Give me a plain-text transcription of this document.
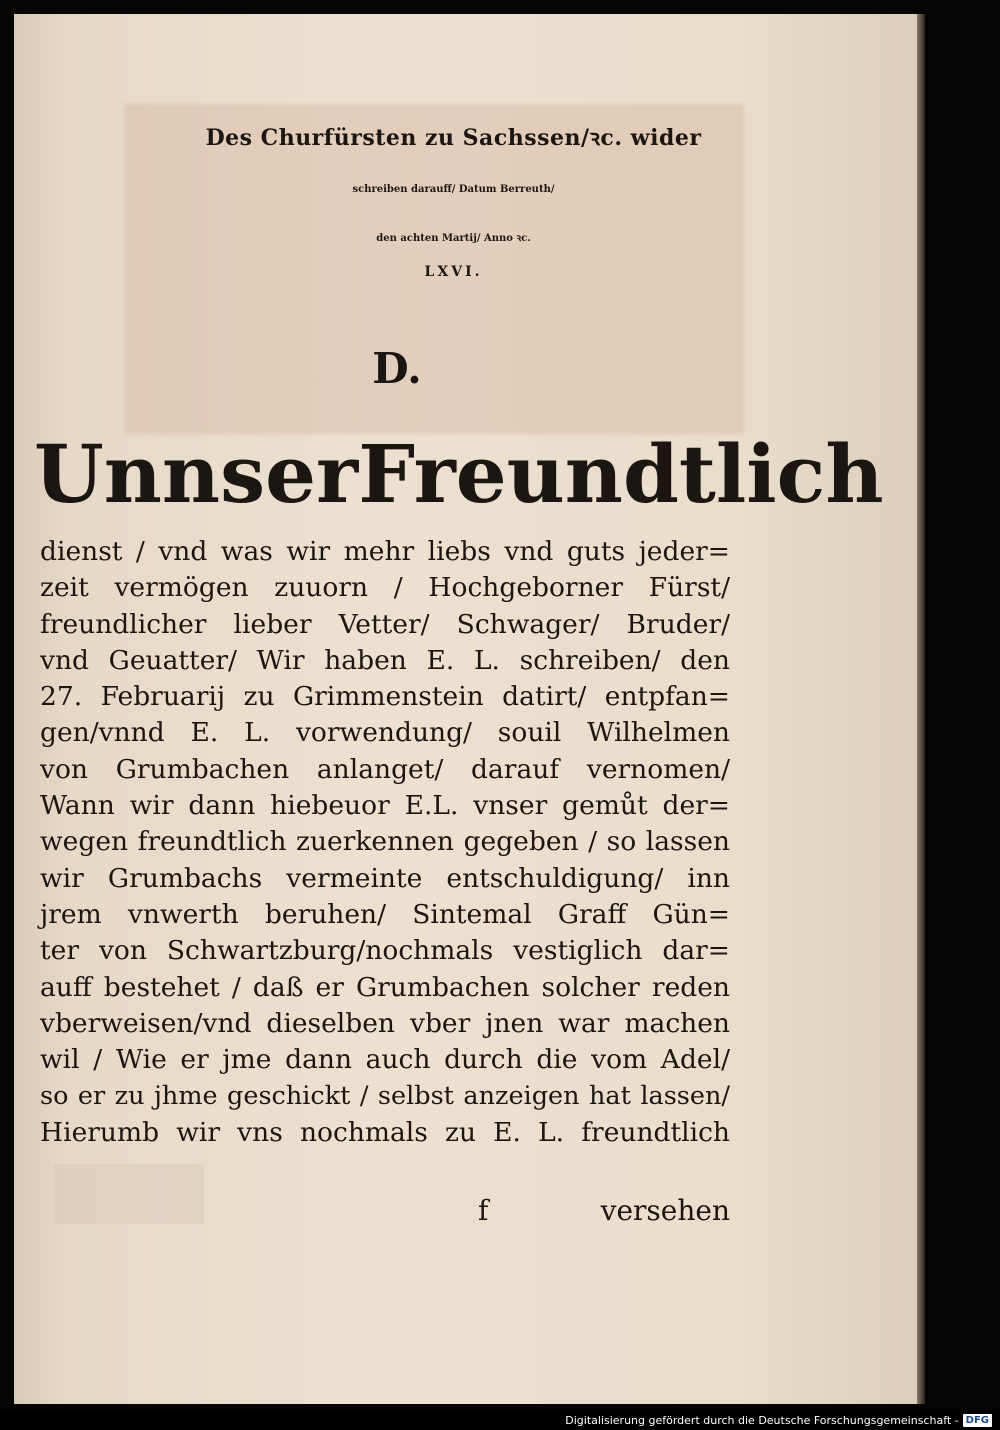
Des Churfürsten zu Sachssen/ꝛc. wider
schreiben darauff/ Datum Berreuth/
den achten Martij/ Anno ꝛc.
LXVI.
D.
Unnser Freundtlich
dienst / vnd was wir mehr liebs vnd guts jeder=
zeit vermögen zuuorn / Hochgeborner Fürst/
freundlicher lieber Vetter/ Schwager/ Bruder/
vnd Geuatter/ Wir haben E. L. schreiben/ den
27. Februarij zu Grimmenstein datirt/ entpfan=
gen/vnnd E. L. vorwendung/ souil Wilhelmen
von Grumbachen anlanget/ darauf vernomen/
Wann wir dann hiebeuor E.L. vnser gemůt der=
wegen freundtlich zuerkennen gegeben / so lassen
wir Grumbachs vermeinte entschuldigung/ inn
jrem vnwerth beruhen/ Sintemal Graff Gün=
ter von Schwartzburg/nochmals vestiglich dar=
auff bestehet / daß er Grumbachen solcher reden
vberweisen/vnd dieselben vber jnen war machen
wil / Wie er jme dann auch durch die vom Adel/
so er zu jhme geschickt / selbst anzeigen hat lassen/
Hierumb wir vns nochmals zu E. L. freundtlich
f	versehen
Digitalisierung gefördert durch die Deutsche Forschungsgemeinschaft - DFG
